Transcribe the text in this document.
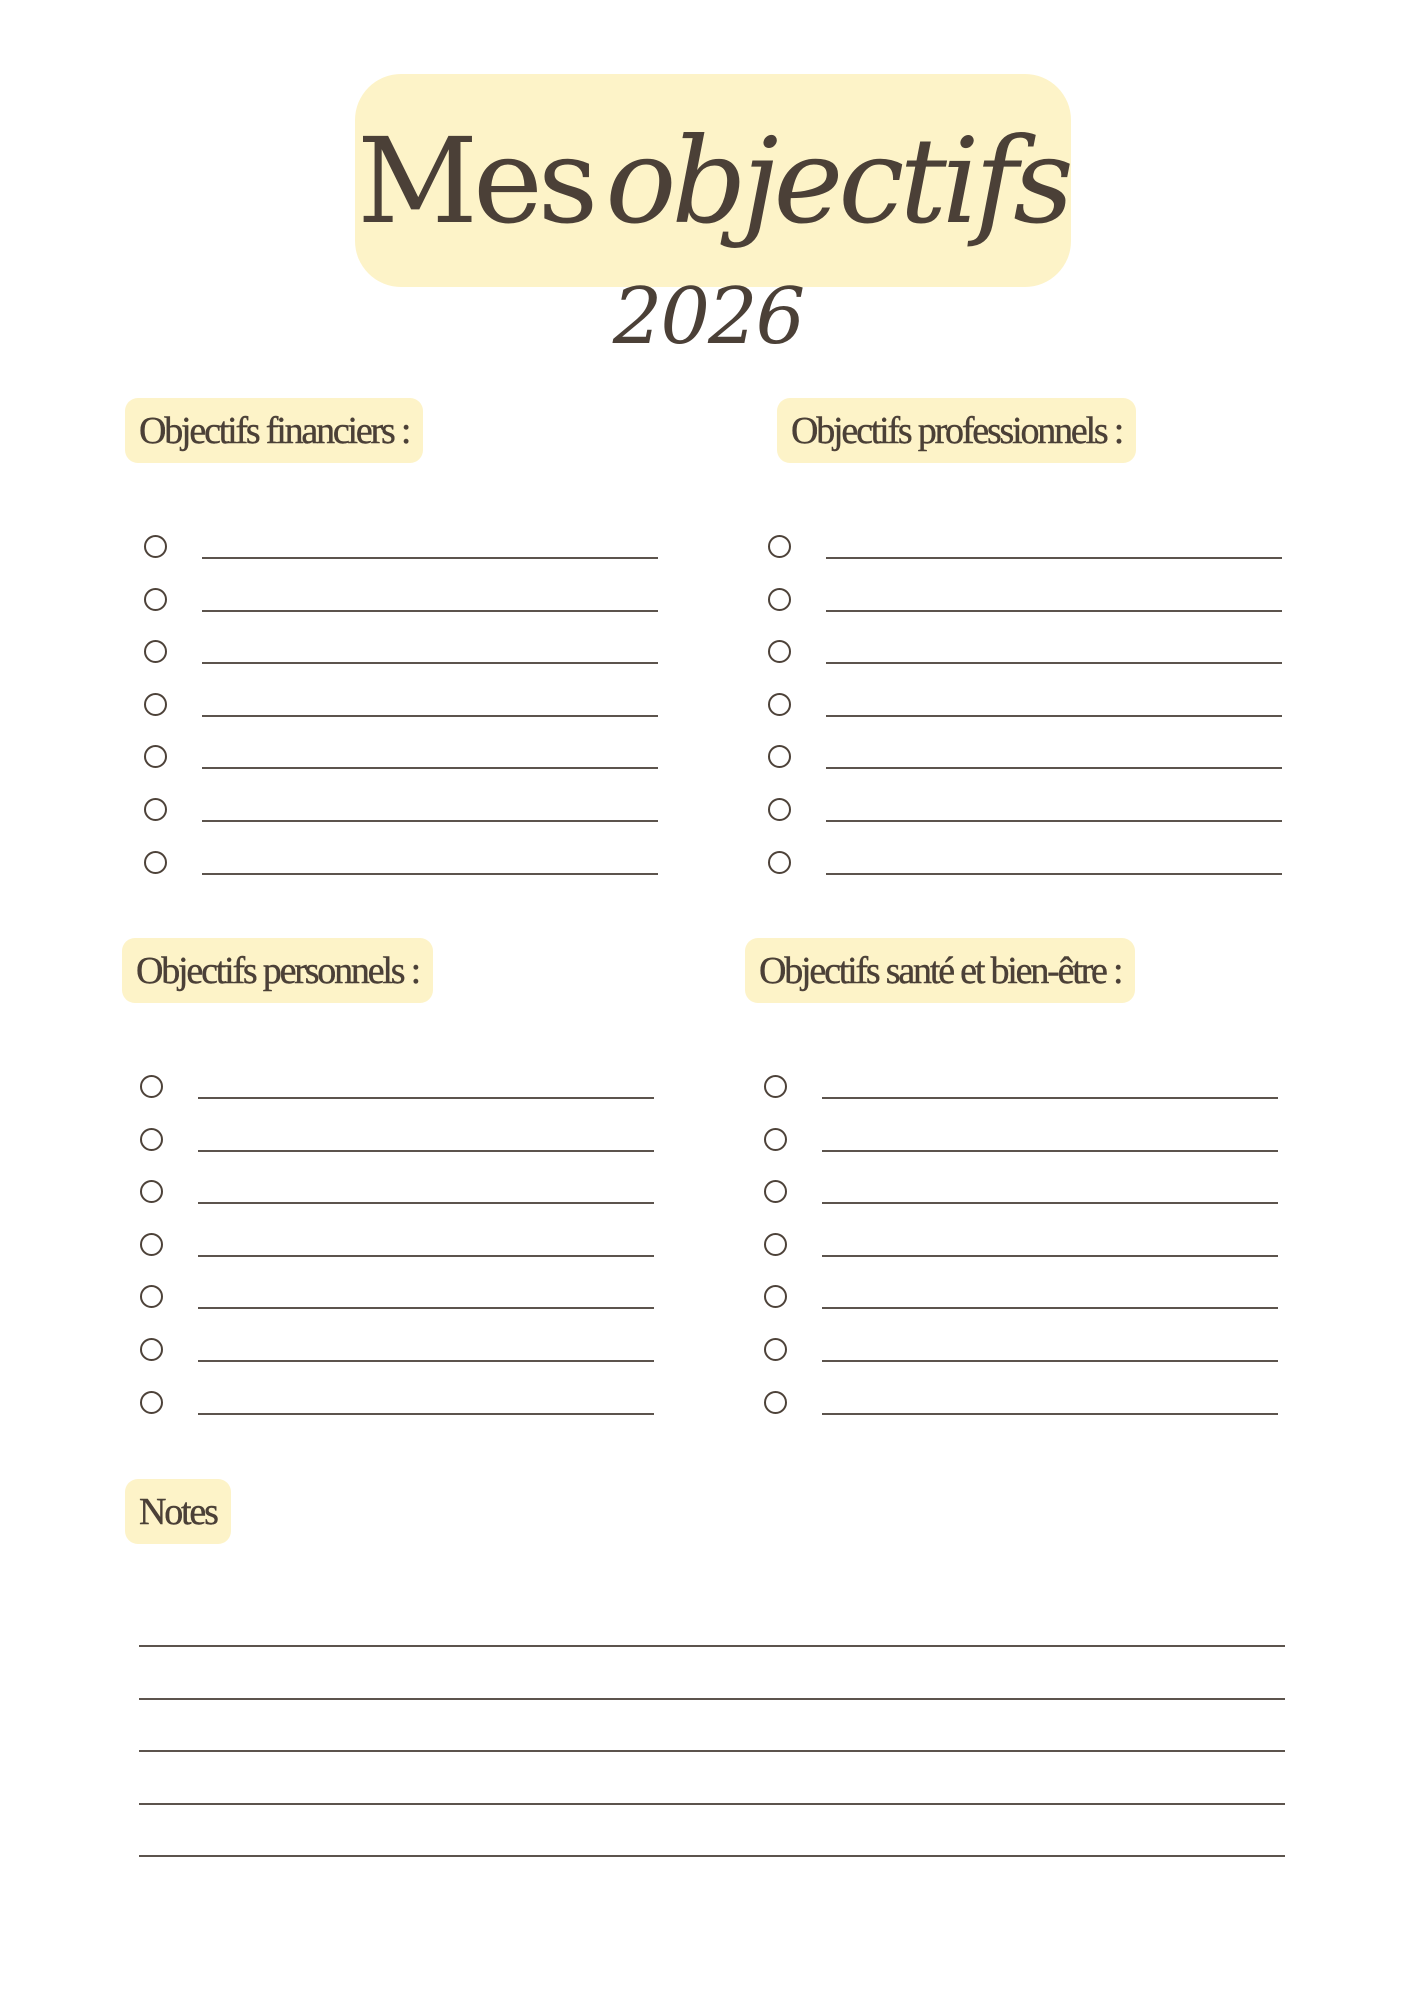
Mes objectifs
2026
Objectifs financiers :	Objectifs professionnels :
Objectifs personnels :	Objectifs santé et bien-être :
Notes
